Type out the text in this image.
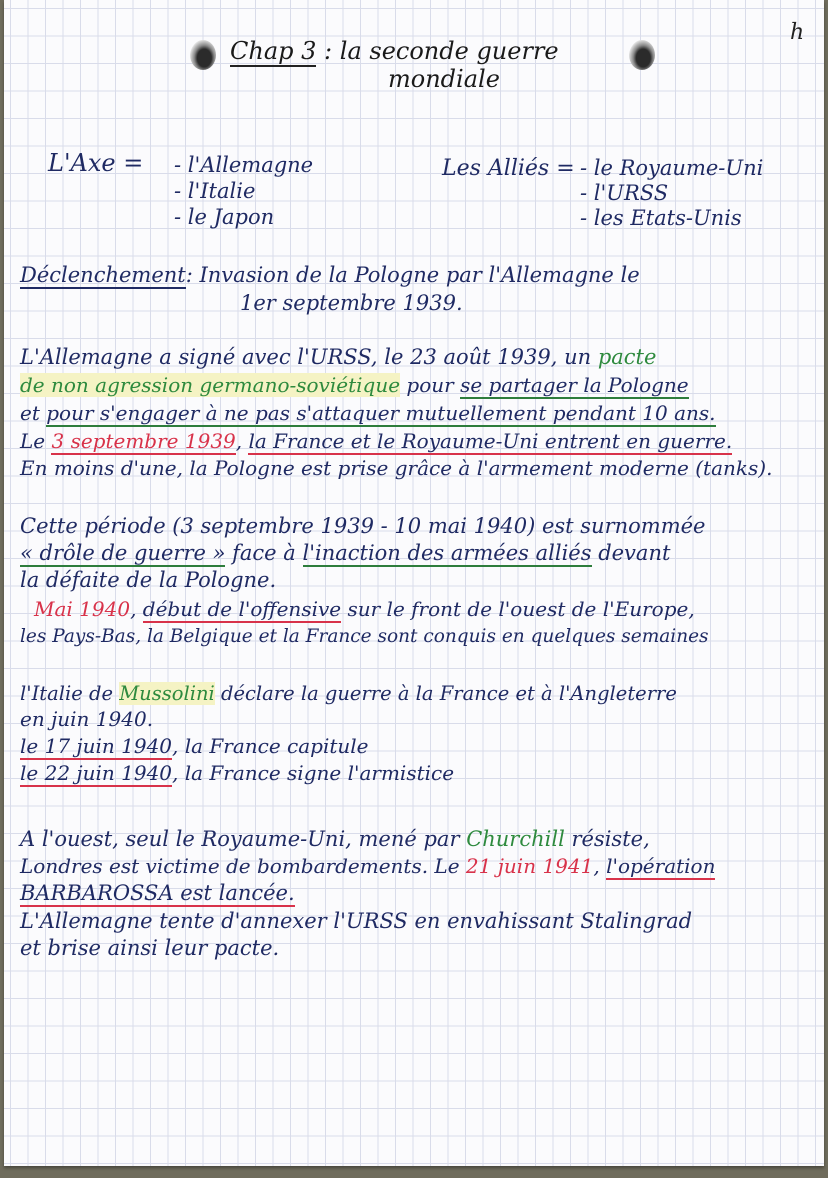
h
Chap 3 : la seconde guerre
mondiale
L'Axe = - l'Allemagne
- l'Italie
- le Japon
Les Alliés = - le Royaume-Uni
- l'URSS
- les Etats-Unis
Déclenchement: Invasion de la Pologne par l'Allemagne le
1er septembre 1939.
L'Allemagne a signé avec l'URSS, le 23 août 1939, un pacte
de non agression germano-soviétique pour se partager la Pologne
et pour s'engager à ne pas s'attaquer mutuellement pendant 10 ans.
Le 3 septembre 1939, la France et le Royaume-Uni entrent en guerre.
En moins d'une, la Pologne est prise grâce à l'armement moderne (tanks).
Cette période (3 septembre 1939 - 10 mai 1940) est surnommée
« drôle de guerre » face à l'inaction des armées alliés devant
la défaite de la Pologne.
Mai 1940, début de l'offensive sur le front de l'ouest de l'Europe,
les Pays-Bas, la Belgique et la France sont conquis en quelques semaines
l'Italie de Mussolini déclare la guerre à la France et à l'Angleterre
en juin 1940.
le 17 juin 1940, la France capitule
le 22 juin 1940, la France signe l'armistice
A l'ouest, seul le Royaume-Uni, mené par Churchill résiste,
Londres est victime de bombardements. Le 21 juin 1941, l'opération
BARBAROSSA est lancée.
L'Allemagne tente d'annexer l'URSS en envahissant Stalingrad
et brise ainsi leur pacte.
